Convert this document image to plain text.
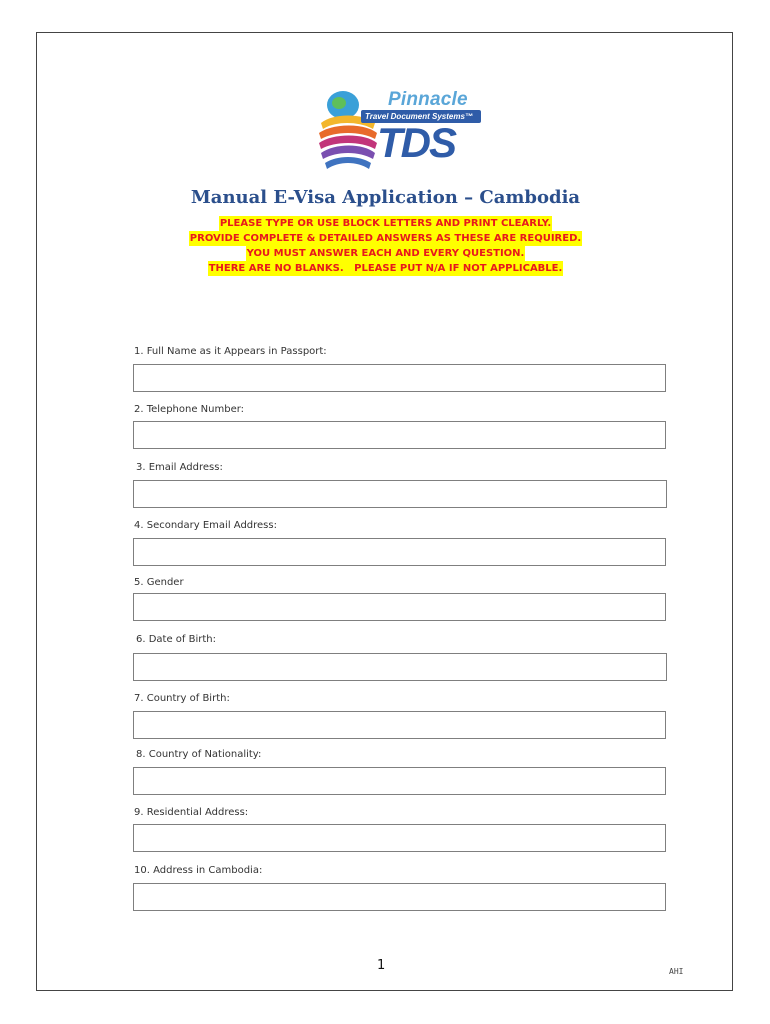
Pinnacle
Travel Document Systems™
TDS
Manual E-Visa Application – Cambodia
PLEASE TYPE OR USE BLOCK LETTERS AND PRINT CLEARLY.
PROVIDE COMPLETE & DETAILED ANSWERS AS THESE ARE REQUIRED.
YOU MUST ANSWER EACH AND EVERY QUESTION.
THERE ARE NO BLANKS.   PLEASE PUT N/A IF NOT APPLICABLE.
1. Full Name as it Appears in Passport:
2. Telephone Number:
3. Email Address:
4. Secondary Email Address:
5. Gender
6. Date of Birth:
7. Country of Birth:
8. Country of Nationality:
9. Residential Address:
10. Address in Cambodia:
1	AHI
